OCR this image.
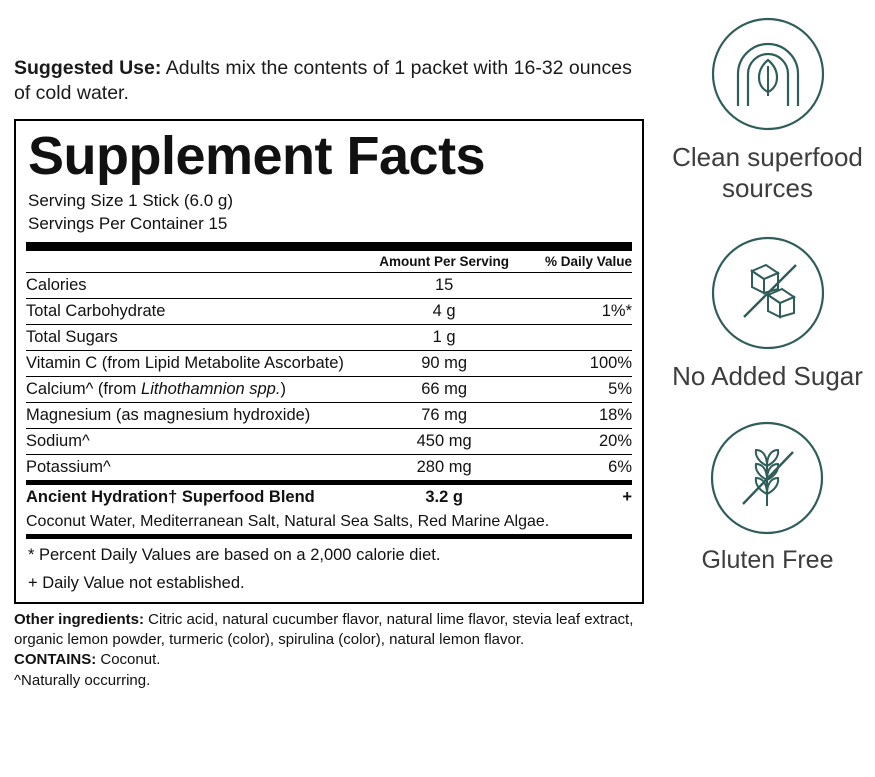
Suggested Use: Adults mix the contents of 1 packet with 16-32 ounces of cold water.

Supplement Facts
Serving Size 1 Stick (6.0 g)
Servings Per Container 15
	Amount Per Serving	% Daily Value
Calories	15	
Total Carbohydrate	4 g	1%*
Total Sugars	1 g	
Vitamin C (from Lipid Metabolite Ascorbate)	90 mg	100%
Calcium^ (from Lithothamnion spp.)	66 mg	5%
Magnesium (as magnesium hydroxide)	76 mg	18%
Sodium^	450 mg	20%
Potassium^	280 mg	6%
Ancient Hydration† Superfood Blend	3.2 g	+
Coconut Water, Mediterranean Salt, Natural Sea Salts, Red Marine Algae.
* Percent Daily Values are based on a 2,000 calorie diet.
+ Daily Value not established.

Other ingredients: Citric acid, natural cucumber flavor, natural lime flavor, stevia leaf extract, organic lemon powder, turmeric (color), spirulina (color), natural lemon flavor.
CONTAINS: Coconut.
^Naturally occurring.

Clean superfood sources
No Added Sugar
Gluten Free
